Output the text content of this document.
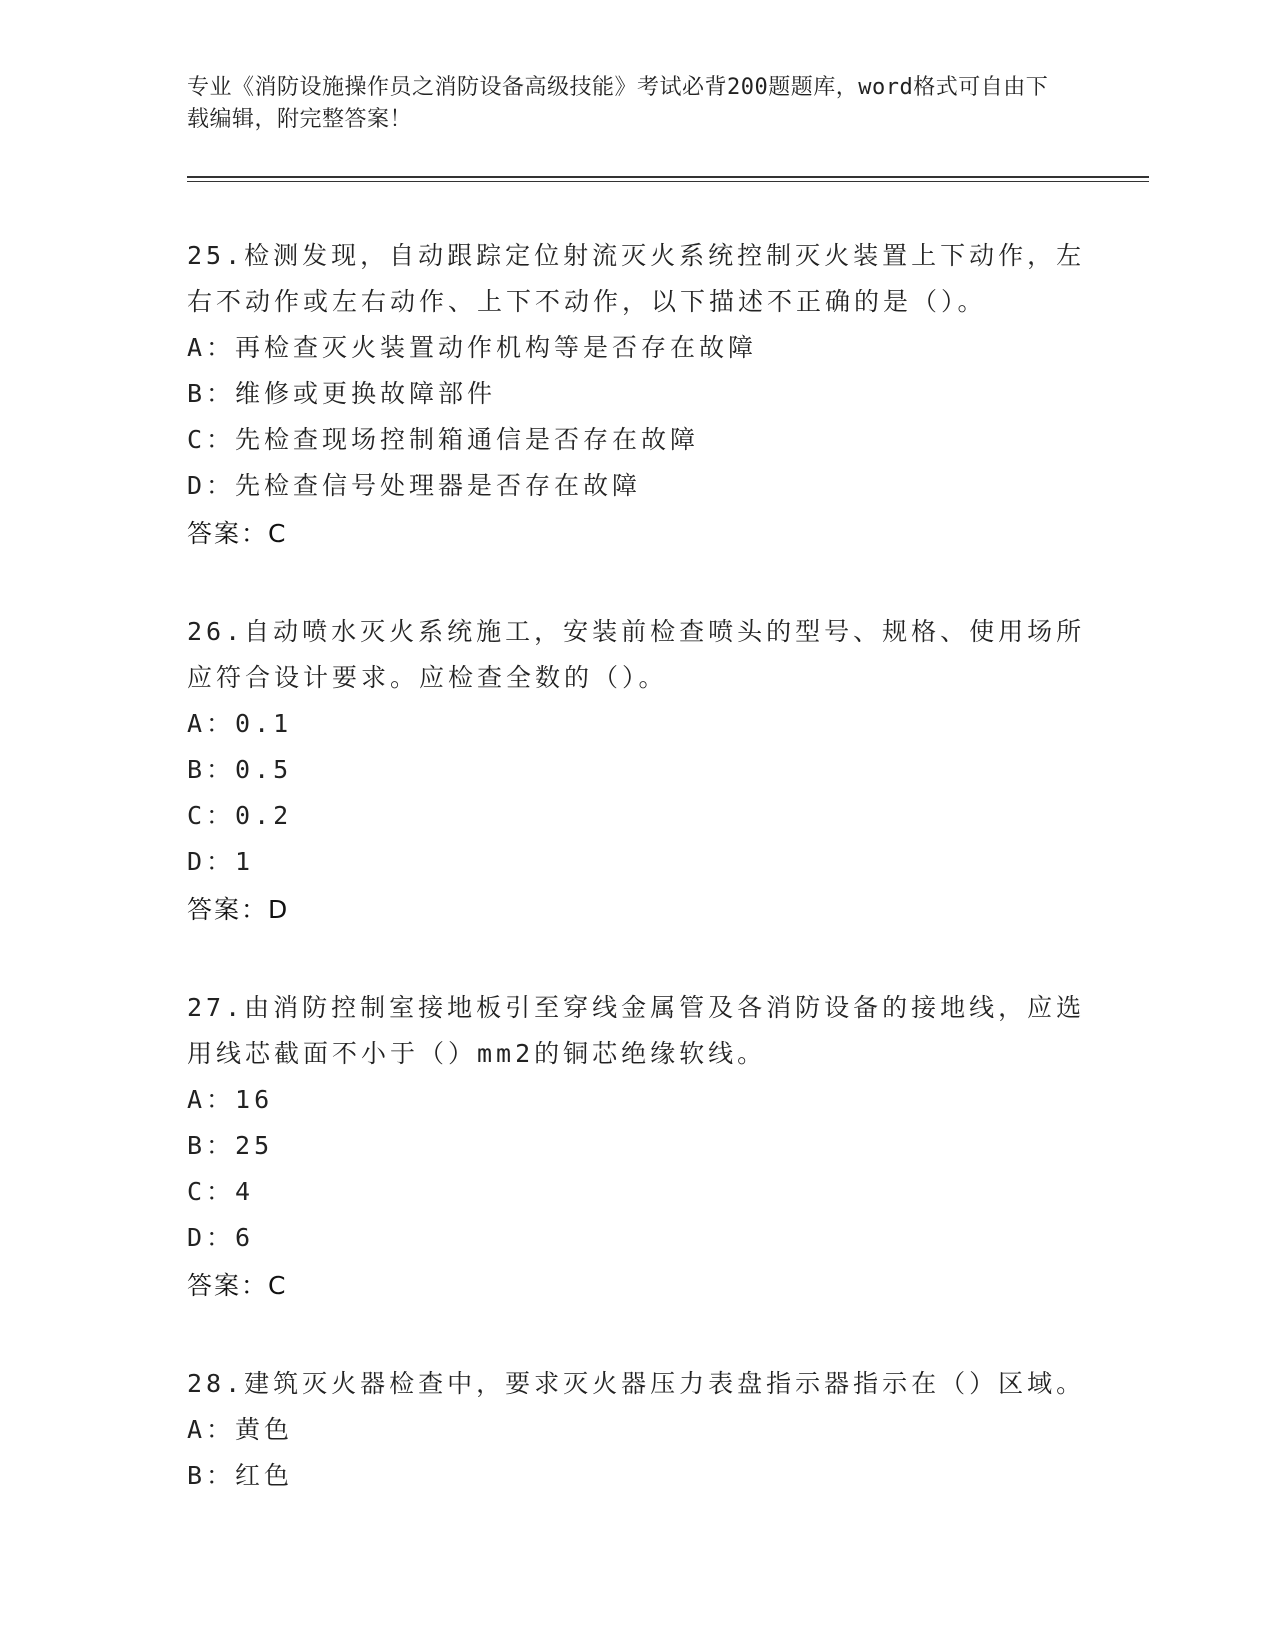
专业《消防设施操作员之消防设备高级技能》考试必背200题题库，word格式可自由下载编辑，附完整答案！
25.检测发现，自动跟踪定位射流灭火系统控制灭火装置上下动作，左右不动作或左右动作、上下不动作，以下描述不正确的是（）。
A：再检查灭火装置动作机构等是否存在故障
B：维修或更换故障部件
C：先检查现场控制箱通信是否存在故障
D：先检查信号处理器是否存在故障
答案：C
26.自动喷水灭火系统施工，安装前检查喷头的型号、规格、使用场所应符合设计要求。应检查全数的（）。
A：0.1
B：0.5
C：0.2
D：1
答案：D
27.由消防控制室接地板引至穿线金属管及各消防设备的接地线，应选用线芯截面不小于（）mm2的铜芯绝缘软线。
A：16
B：25
C：4
D：6
答案：C
28.建筑灭火器检查中，要求灭火器压力表盘指示器指示在（）区域。
A：黄色
B：红色
